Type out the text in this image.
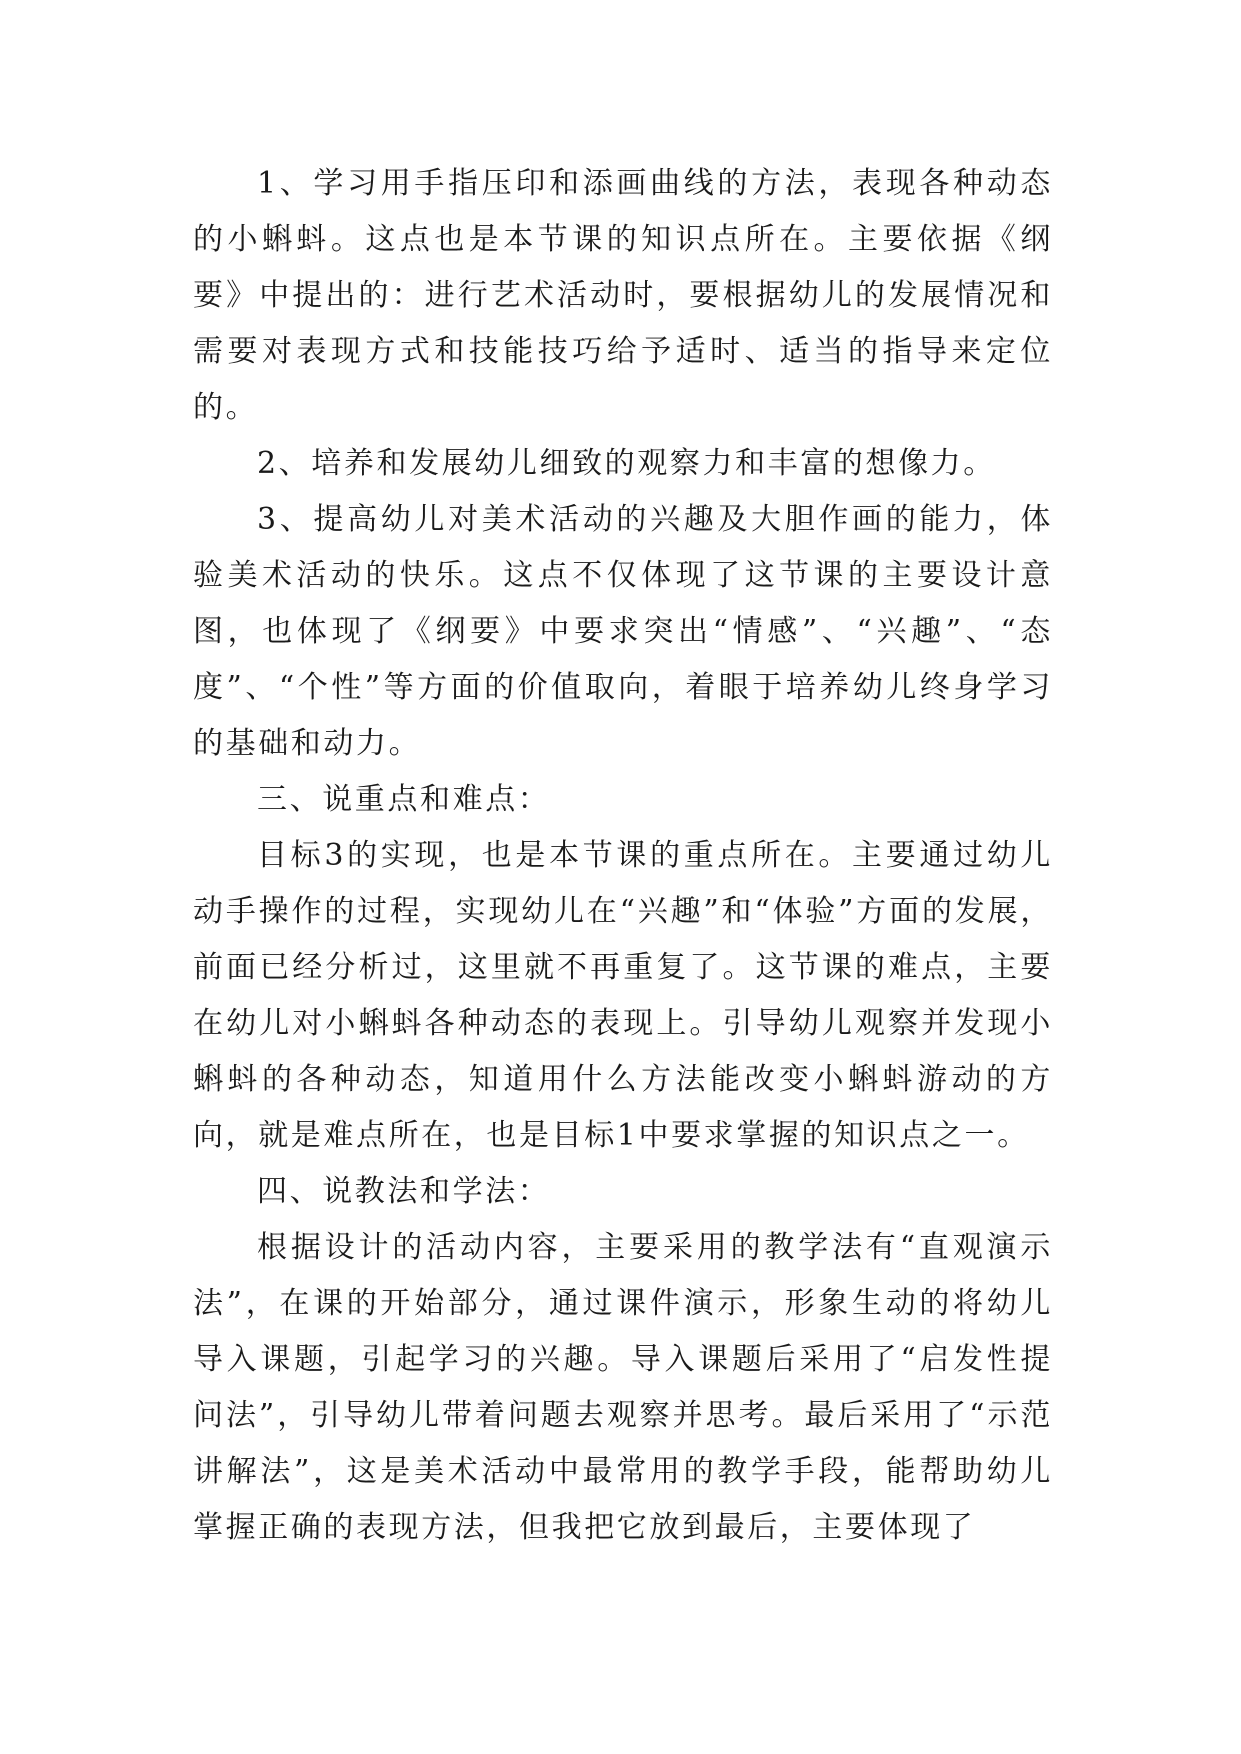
1、学习用手指压印和添画曲线的方法，表现各种动态的小蝌蚪。这点也是本节课的知识点所在。主要依据《纲要》中提出的：进行艺术活动时，要根据幼儿的发展情况和需要对表现方式和技能技巧给予适时、适当的指导来定位的。

2、培养和发展幼儿细致的观察力和丰富的想像力。

3、提高幼儿对美术活动的兴趣及大胆作画的能力，体验美术活动的快乐。这点不仅体现了这节课的主要设计意图，也体现了《纲要》中要求突出“情感”、“兴趣”、“态度”、“个性”等方面的价值取向，着眼于培养幼儿终身学习的基础和动力。

三、说重点和难点：

目标3的实现，也是本节课的重点所在。主要通过幼儿动手操作的过程，实现幼儿在“兴趣”和“体验”方面的发展，前面已经分析过，这里就不再重复了。这节课的难点，主要在幼儿对小蝌蚪各种动态的表现上。引导幼儿观察并发现小蝌蚪的各种动态，知道用什么方法能改变小蝌蚪游动的方向，就是难点所在，也是目标1中要求掌握的知识点之一。

四、说教法和学法：

根据设计的活动内容，主要采用的教学法有“直观演示法”，在课的开始部分，通过课件演示，形象生动的将幼儿导入课题，引起学习的兴趣。导入课题后采用了“启发性提问法”，引导幼儿带着问题去观察并思考。最后采用了“示范讲解法”，这是美术活动中最常用的教学手段，能帮助幼儿掌握正确的表现方法，但我把它放到最后，主要体现了
